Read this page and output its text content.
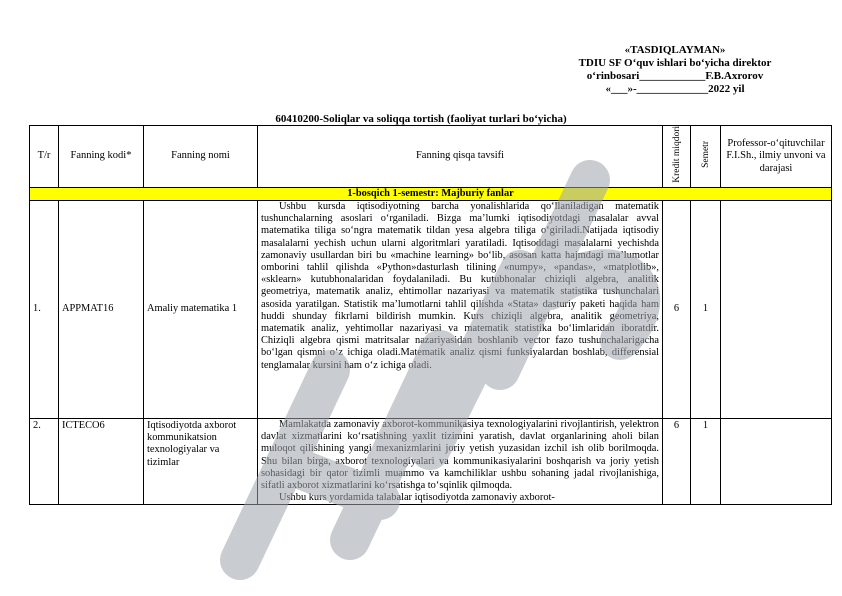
«TASDIQLAYMAN»
TDIU SF O‘quv ishlari bo‘yicha direktor
o‘rinbosari____________F.B.Axrorov
«___»-_____________2022 yil
60410200-Soliqlar va soliqqa tortish (faoliyat turlari bo‘yicha)
T/r	Fanning kodi*	Fanning nomi	Fanning qisqa tavsifi	Kredit miqdori	Semetr	Professor-o‘qituvchilar F.I.Sh., ilmiy unvoni va darajasi
1-bosqich 1-semestr: Majburiy fanlar						
1.	APPMAT16	Amaliy matematika 1	Ushbu kursda iqtisodiyotning barcha yonalishlarida qo‘llaniladigan matematik tushunchalarning asoslari o‘rganiladi. Bizga ma’lumki iqtisodiyotdagi masalalar avval matematika tiliga so‘ngra matematik tildan yesa algebra tiliga o‘giriladi.Natijada iqtisodiy masalalarni yechish uchun ularni algoritmlari yaratiladi. Iqtisoddagi masalalarni yechishda zamonaviy usullardan biri bu «machine learning» bo‘lib, asosan katta hajmdagi ma’lumotlar omborini tahlil qilishda «Python»dasturlash tilining «numpy», «pandas», «matplotlib», «sklearn» kutubhonalaridan foydalaniladi. Bu kutubhonalar chiziqli algebra, analitik geometriya, matematik analiz, ehtimollar nazariyasi va matematik statistika tushunchalari asosida yaratilgan. Statistik ma’lumotlarni tahlil qilishda «Stata» dasturiy paketi haqida ham huddi shunday fikrlarni bildirish mumkin. Kurs chiziqli algebra, analitik geometriya, matematik analiz, yehtimollar nazariyasi va matematik statistika bo‘limlaridan iboratdir. Chiziqli algebra qismi matritsalar nazariyasidan boshlanib vector fazo tushunchalarigacha bo‘lgan qismni o‘z ichiga oladi.Matematik analiz qismi funksiyalardan boshlab, differensial tenglamalar kursini ham o‘z ichiga oladi.	6	1	
2.	ICTECO6	Iqtisodiyotda axborot kommunikatsion texnologiyalar va tizimlar	Mamlakatda zamonaviy axborot-kommunikasiya texnologiyalarini rivojlantirish, yelektron davlat xizmatlarini ko‘rsatishning yaxlit tizimini yaratish, davlat organlarining aholi bilan muloqot qilishining yangi mexanizmlarini joriy yetish yuzasidan izchil ish olib borilmoqda. Shu bilan birga, axborot texnologiyalari va kommunikasiyalarini boshqarish va joriy yetish sohasidagi bir qator tizimli muammo va kamchiliklar ushbu sohaning jadal rivojlanishiga, sifatli axborot xizmatlarini ko‘rsatishga to‘sqinlik qilmoqda.

Ushbu kurs yordamida talabalar iqtisodiyotda zamonaviy axborot-	6	1	
